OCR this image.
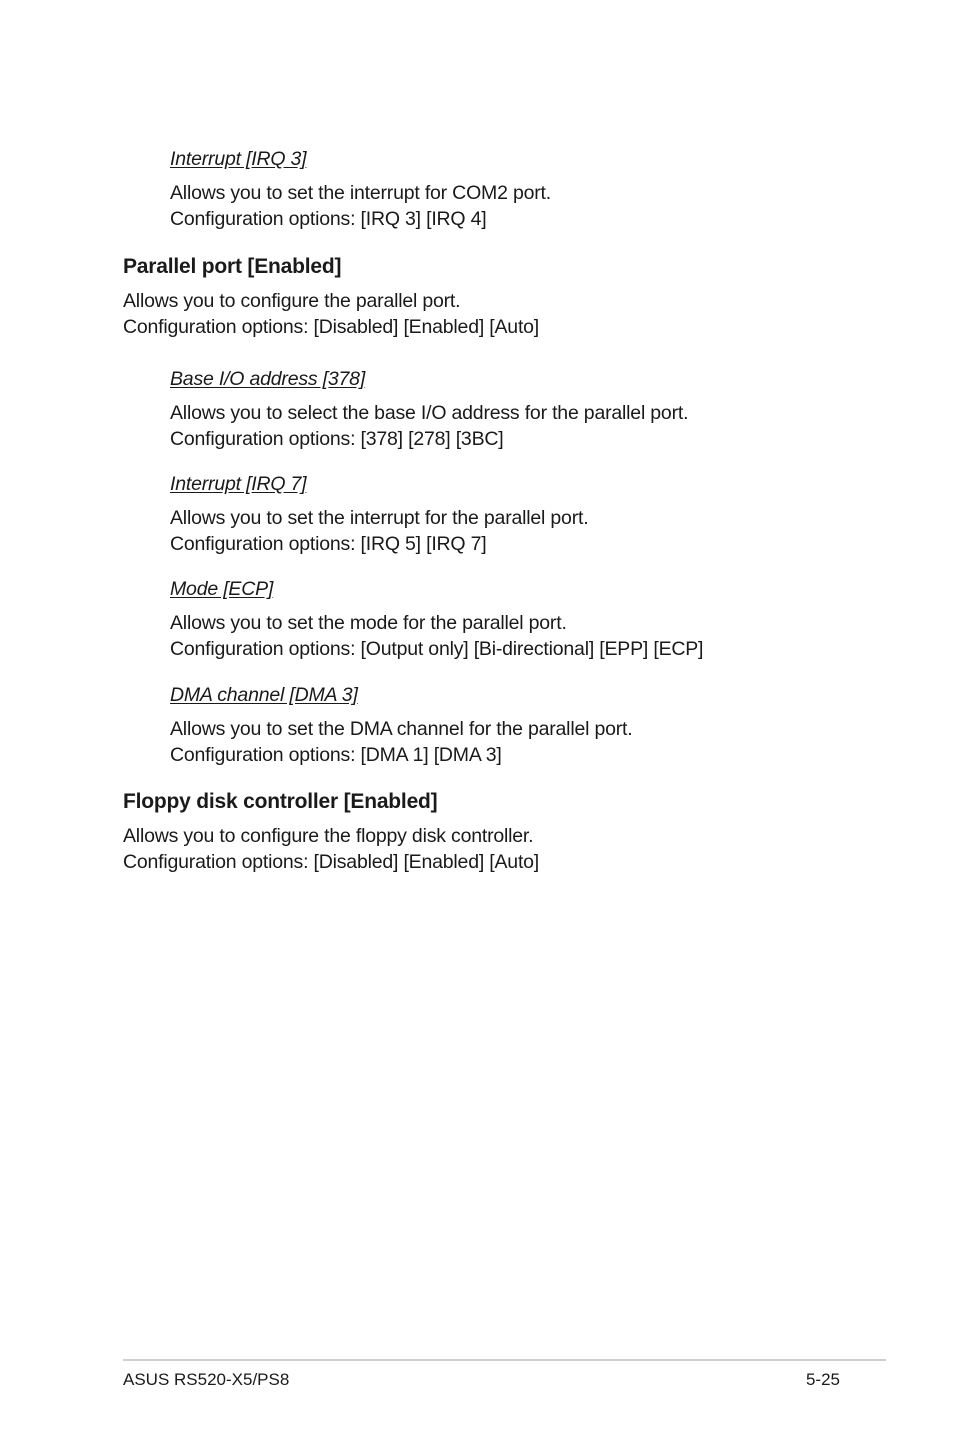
Interrupt [IRQ 3]

Allows you to set the interrupt for COM2 port.

Configuration options: [IRQ 3] [IRQ 4]

Parallel port [Enabled]

Allows you to configure the parallel port.

Configuration options: [Disabled] [Enabled] [Auto]

Base I/O address [378]

Allows you to select the base I/O address for the parallel port.

Configuration options: [378] [278] [3BC]

Interrupt [IRQ 7]

Allows you to set the interrupt for the parallel port.

Configuration options: [IRQ 5] [IRQ 7]

Mode [ECP]

Allows you to set the mode for the parallel port.

Configuration options: [Output only] [Bi-directional] [EPP] [ECP]

DMA channel [DMA 3]

Allows you to set the DMA channel for the parallel port.

Configuration options: [DMA 1] [DMA 3]

Floppy disk controller [Enabled]

Allows you to configure the floppy disk controller.

Configuration options: [Disabled] [Enabled] [Auto]

ASUS RS520-X5/PS8	5-25
